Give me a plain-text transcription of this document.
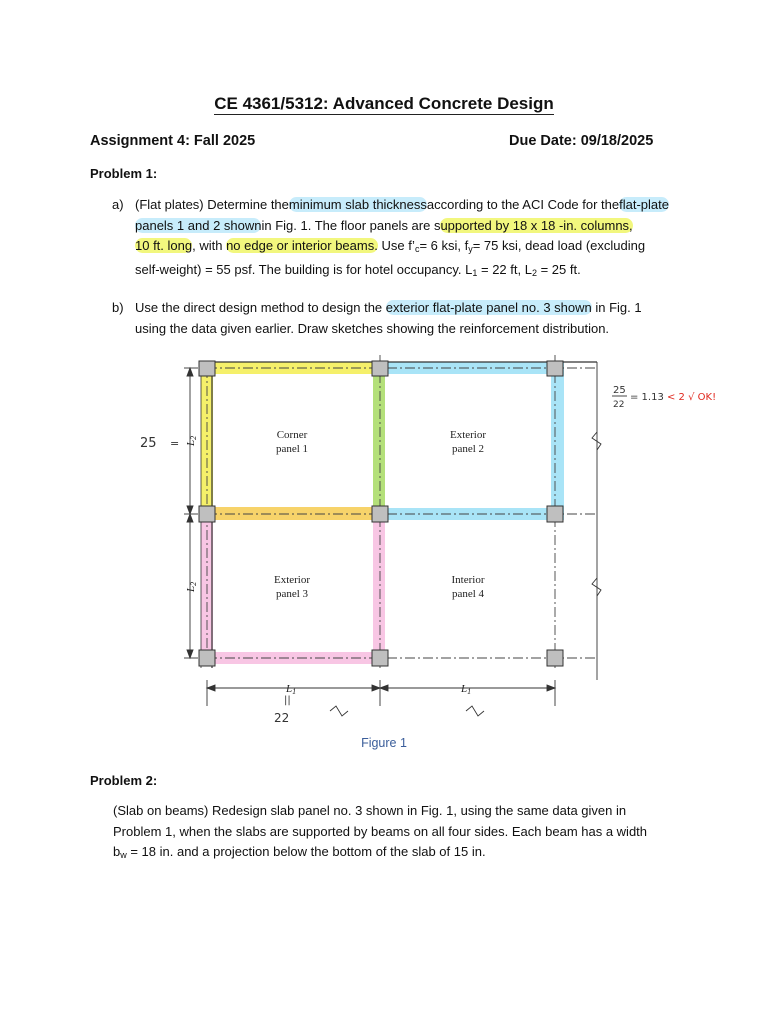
CE 4361/5312: Advanced Concrete Design
Assignment 4: Fall 2025	Due Date: 09/18/2025
Problem 1:
a) (Flat plates) Determine theminimum slab thicknessaccording to the ACI Code for theflat-plate
panels 1 and 2 shownin Fig. 1. The floor panels are supported by 18 x 18 -in. columns,
10 ft. long, with no edge or interior beams. Use $f’_c= 6$ ksi, $f_y= 75$ ksi, dead load (excluding
self-weight) = 55 psf. The building is for hotel occupancy. $L_1 = 22$ ft, $L_2 = 25$ ft.
b) Use the direct design method to design the exterior flat-plate panel no. 3 shown in Fig. 1
using the data given earlier. Draw sketches showing the reinforcement distribution.
L2
L2
L1	L1
Corner
panel 1
Exterior
panel 2
Exterior
panel 3
Interior
panel 4
25 =
||
22
25
22
= 1.13 < 2 √ OK!
Figure 1
Problem 2:
(Slab on beams) Redesign slab panel no. 3 shown in Fig. 1, using the same data given in
Problem 1, when the slabs are supported by beams on all four sides. Each beam has a width
$b_w = 18$ in. and a projection below the bottom of the slab of 15 in.
